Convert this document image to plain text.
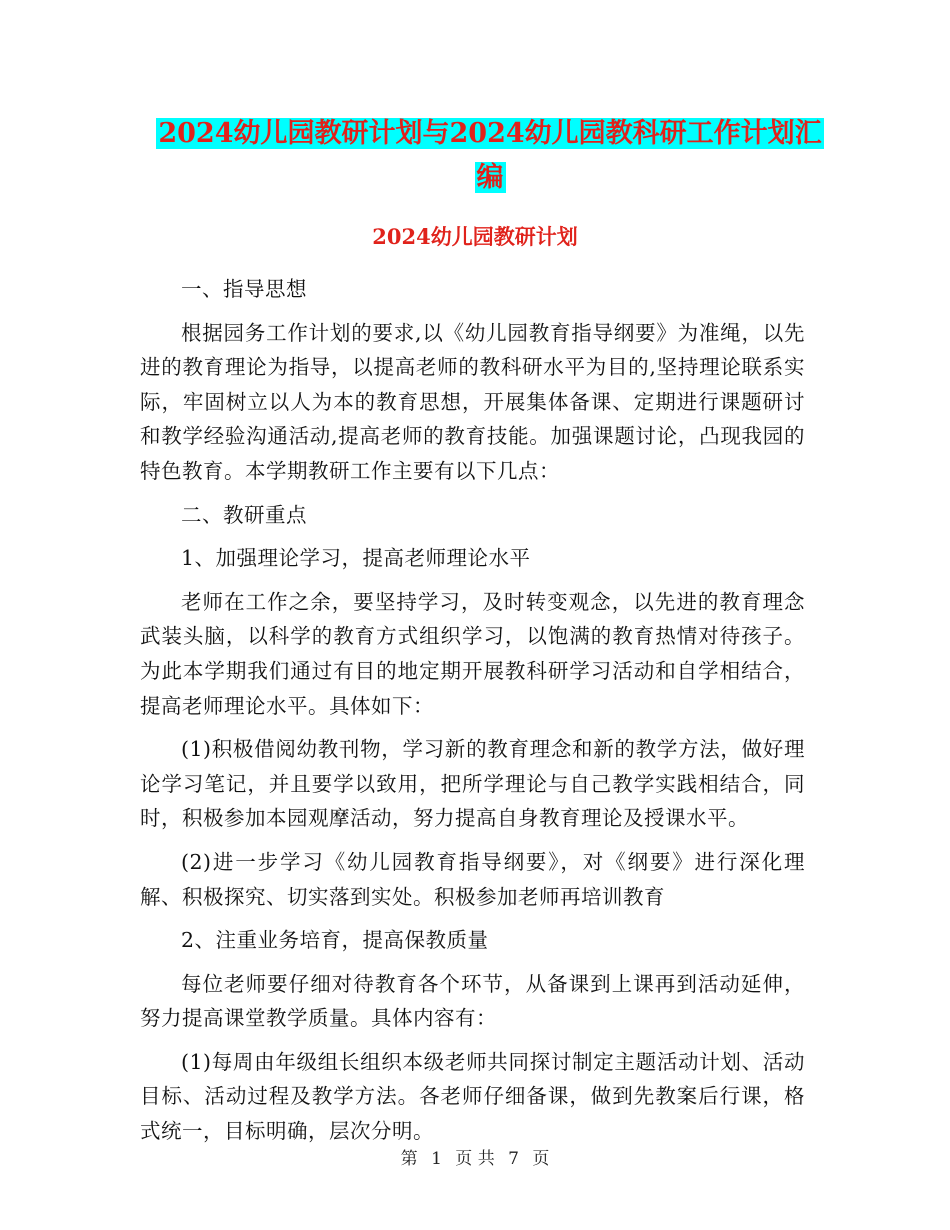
2024幼儿园教研计划与2024幼儿园教科研工作计划汇
编
2024幼儿园教研计划

一、指导思想

根据园务工作计划的要求,以《幼儿园教育指导纲要》为准绳，以先进的教育理论为指导，以提高老师的教科研水平为目的,坚持理论联系实际，牢固树立以人为本的教育思想，开展集体备课、定期进行课题研讨和教学经验沟通活动,提高老师的教育技能。加强课题讨论，凸现我园的特色教育。本学期教研工作主要有以下几点：

二、教研重点

1、加强理论学习，提高老师理论水平

老师在工作之余，要坚持学习，及时转变观念，以先进的教育理念武装头脑，以科学的教育方式组织学习，以饱满的教育热情对待孩子。为此本学期我们通过有目的地定期开展教科研学习活动和自学相结合，提高老师理论水平。具体如下：

(1)积极借阅幼教刊物，学习新的教育理念和新的教学方法，做好理论学习笔记，并且要学以致用，把所学理论与自己教学实践相结合，同时，积极参加本园观摩活动，努力提高自身教育理论及授课水平。

(2)进一步学习《幼儿园教育指导纲要》，对《纲要》进行深化理解、积极探究、切实落到实处。积极参加老师再培训教育

2、注重业务培育，提高保教质量

每位老师要仔细对待教育各个环节，从备课到上课再到活动延伸，努力提高课堂教学质量。具体内容有：

(1)每周由年级组长组织本级老师共同探讨制定主题活动计划、活动目标、活动过程及教学方法。各老师仔细备课，做到先教案后行课，格式统一，目标明确，层次分明。

第 1 页 共 7 页
